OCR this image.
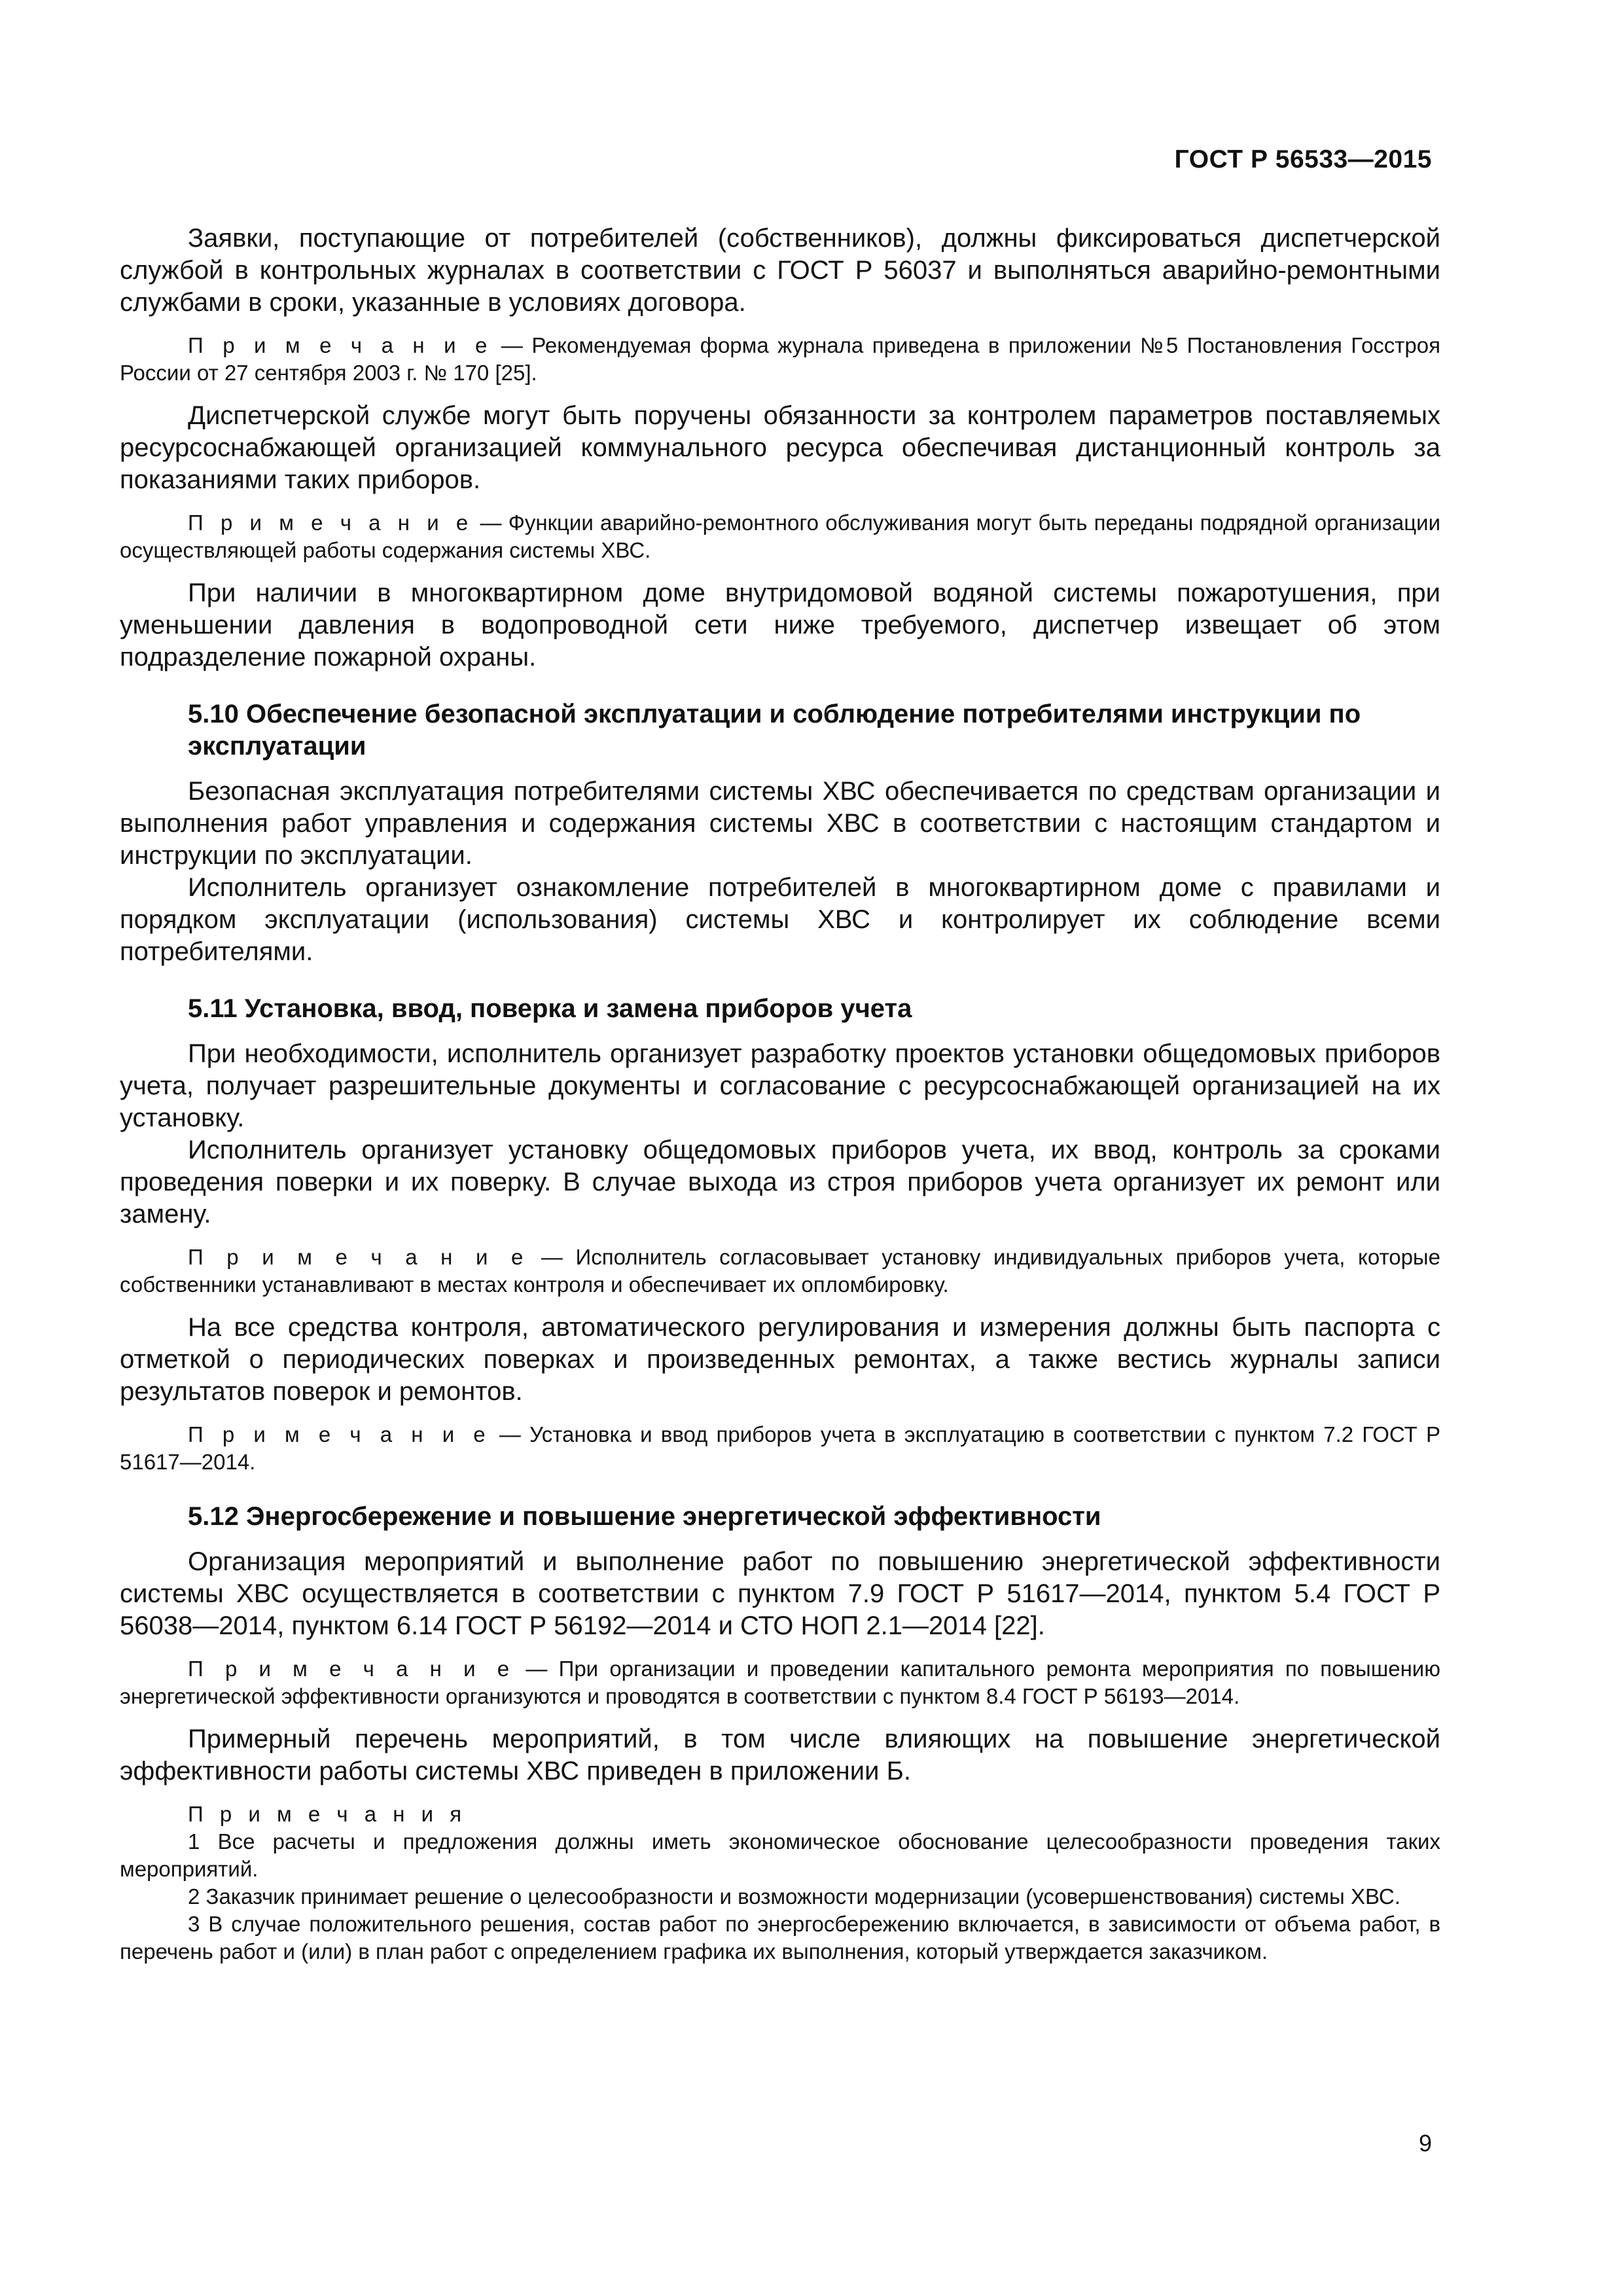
ГОСТ Р 56533—2015

Заявки, поступающие от потребителей (собственников), должны фиксироваться диспетчерской службой в контрольных журналах в соответствии с ГОСТ Р 56037 и выполняться аварийно-ремонтными службами в сроки, указанные в условиях договора.

П р и м е ч а н и е — Рекомендуемая форма журнала приведена в приложении №5 Постановления Госстроя России от 27 сентября 2003 г. № 170 [25].

Диспетчерской службе могут быть поручены обязанности за контролем параметров поставляемых ресурсоснабжающей организацией коммунального ресурса обеспечивая дистанционный контроль за показаниями таких приборов.

П р и м е ч а н и е — Функции аварийно-ремонтного обслуживания могут быть переданы подрядной организации осуществляющей работы содержания системы ХВС.

При наличии в многоквартирном доме внутридомовой водяной системы пожаротушения, при уменьшении давления в водопроводной сети ниже требуемого, диспетчер извещает об этом подразделение пожарной охраны.

5.10 Обеспечение безопасной эксплуатации и соблюдение потребителями инструкции по эксплуатации

Безопасная эксплуатация потребителями системы ХВС обеспечивается по средствам организации и выполнения работ управления и содержания системы ХВС в соответствии с настоящим стандартом и инструкции по эксплуатации.

Исполнитель организует ознакомление потребителей в многоквартирном доме с правилами и порядком эксплуатации (использования) системы ХВС и контролирует их соблюдение всеми потребителями.

5.11 Установка, ввод, поверка и замена приборов учета

При необходимости, исполнитель организует разработку проектов установки общедомовых приборов учета, получает разрешительные документы и согласование с ресурсоснабжающей организацией на их установку.

Исполнитель организует установку общедомовых приборов учета, их ввод, контроль за сроками проведения поверки и их поверку. В случае выхода из строя приборов учета организует их ремонт или замену.

П р и м е ч а н и е — Исполнитель согласовывает установку индивидуальных приборов учета, которые собственники устанавливают в местах контроля и обеспечивает их опломбировку.

На все средства контроля, автоматического регулирования и измерения должны быть паспорта с отметкой о периодических поверках и произведенных ремонтах, а также вестись журналы записи результатов поверок и ремонтов.

П р и м е ч а н и е — Установка и ввод приборов учета в эксплуатацию в соответствии с пунктом 7.2 ГОСТ Р 51617—2014.

5.12 Энергосбережение и повышение энергетической эффективности

Организация мероприятий и выполнение работ по повышению энергетической эффективности системы ХВС осуществляется в соответствии с пунктом 7.9 ГОСТ Р 51617—2014, пунктом 5.4 ГОСТ Р 56038—2014, пунктом 6.14 ГОСТ Р 56192—2014 и СТО НОП 2.1—2014 [22].

П р и м е ч а н и е — При организации и проведении капитального ремонта мероприятия по повышению энергетической эффективности организуются и проводятся в соответствии с пунктом 8.4 ГОСТ Р 56193—2014.

Примерный перечень мероприятий, в том числе влияющих на повышение энергетической эффективности работы системы ХВС приведен в приложении Б.

П р и м е ч а н и я

1 Все расчеты и предложения должны иметь экономическое обоснование целесообразности проведения таких мероприятий.

2 Заказчик принимает решение о целесообразности и возможности модернизации (усовершенствования) системы ХВС.

3 В случае положительного решения, состав работ по энергосбережению включается, в зависимости от объема работ, в перечень работ и (или) в план работ с определением графика их выполнения, который утверждается заказчиком.

9
